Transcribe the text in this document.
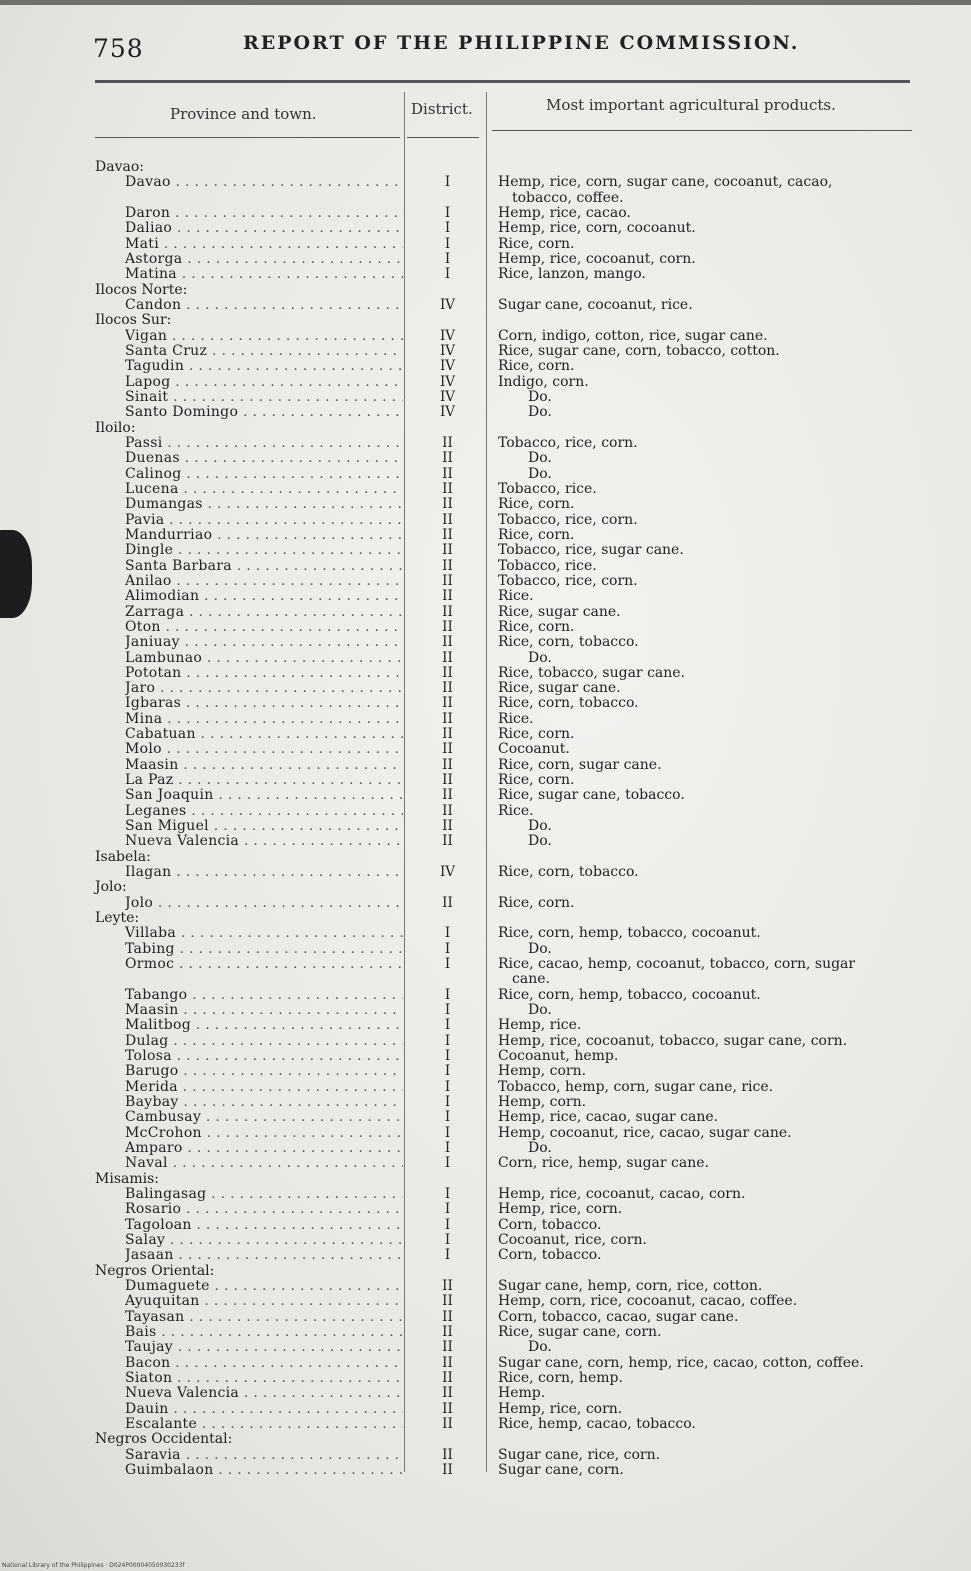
758	REPORT OF THE PHILIPPINE COMMISSION.
Province and town.	District.	Most important agricultural products.
Davao:
Davao . . .	I	Hemp, rice, corn, sugar cane, cocoanut, cacao,
tobacco, coffee.
Daron . . .	I	Hemp, rice, cacao.
Daliao . . .	I	Hemp, rice, corn, cocoanut.
Mati . . .	I	Rice, corn.
Astorga . . .	I	Hemp, rice, cocoanut, corn.
Matina . . .	I	Rice, lanzon, mango.
Ilocos Norte:
Candon . . .	IV	Sugar cane, cocoanut, rice.
Ilocos Sur:
Vigan . . .	IV	Corn, indigo, cotton, rice, sugar cane.
Santa Cruz . . .	IV	Rice, sugar cane, corn, tobacco, cotton.
Tagudin . . .	IV	Rice, corn.
Lapog . . .	IV	Indigo, corn.
Sinait . . .	IV	Do.
Santo Domingo . . .	IV	Do.
Iloilo:
Passi . . .	II	Tobacco, rice, corn.
Duenas . . .	II	Do.
Calinog . . .	II	Do.
Lucena . . .	II	Tobacco, rice.
Dumangas . . .	II	Rice, corn.
Pavia . . .	II	Tobacco, rice, corn.
Mandurriao . . .	II	Rice, corn.
Dingle . . .	II	Tobacco, rice, sugar cane.
Santa Barbara . . .	II	Tobacco, rice.
Anilao . . .	II	Tobacco, rice, corn.
Alimodian . . .	II	Rice.
Zarraga . . .	II	Rice, sugar cane.
Oton . . .	II	Rice, corn.
Janiuay . . .	II	Rice, corn, tobacco.
Lambunao . . .	II	Do.
Pototan . . .	II	Rice, tobacco, sugar cane.
Jaro . . .	II	Rice, sugar cane.
Igbaras . . .	II	Rice, corn, tobacco.
Mina . . .	II	Rice.
Cabatuan . . .	II	Rice, corn.
Molo . . .	II	Cocoanut.
Maasin . . .	II	Rice, corn, sugar cane.
La Paz . . .	II	Rice, corn.
San Joaquin . . .	II	Rice, sugar cane, tobacco.
Leganes . . .	II	Rice.
San Miguel . . .	II	Do.
Nueva Valencia . . .	II	Do.
Isabela:
Ilagan . . .	IV	Rice, corn, tobacco.
Jolo:
Jolo . . .	II	Rice, corn.
Leyte:
Villaba . . .	I	Rice, corn, hemp, tobacco, cocoanut.
Tabing . . .	I	Do.
Ormoc . . .	I	Rice, cacao, hemp, cocoanut, tobacco, corn, sugar
cane.
Tabango . . .	I	Rice, corn, hemp, tobacco, cocoanut.
Maasin . . .	I	Do.
Malitbog . . .	I	Hemp, rice.
Dulag . . .	I	Hemp, rice, cocoanut, tobacco, sugar cane, corn.
Tolosa . . .	I	Cocoanut, hemp.
Barugo . . .	I	Hemp, corn.
Merida . . .	I	Tobacco, hemp, corn, sugar cane, rice.
Baybay . . .	I	Hemp, corn.
Cambusay . . .	I	Hemp, rice, cacao, sugar cane.
McCrohon . . .	I	Hemp, cocoanut, rice, cacao, sugar cane.
Amparo . . .	I	Do.
Naval . . .	I	Corn, rice, hemp, sugar cane.
Misamis:
Balingasag . . .	I	Hemp, rice, cocoanut, cacao, corn.
Rosario . . .	I	Hemp, rice, corn.
Tagoloan . . .	I	Corn, tobacco.
Salay . . .	I	Cocoanut, rice, corn.
Jasaan . . .	I	Corn, tobacco.
Negros Oriental:
Dumaguete . . .	II	Sugar cane, hemp, corn, rice, cotton.
Ayuquitan . . .	II	Hemp, corn, rice, cocoanut, cacao, coffee.
Tayasan . . .	II	Corn, tobacco, cacao, sugar cane.
Bais . . .	II	Rice, sugar cane, corn.
Taujay . . .	II	Do.
Bacon . . .	II	Sugar cane, corn, hemp, rice, cacao, cotton, coffee.
Siaton . . .	II	Rice, corn, hemp.
Nueva Valencia . . .	II	Hemp.
Dauin . . .	II	Hemp, rice, corn.
Escalante . . .	II	Rice, hemp, cacao, tobacco.
Negros Occidental:
Saravia . . .	II	Sugar cane, rice, corn.
Guimbalaon . . .	II	Sugar cane, corn.
National Library of the Philippines · D024P00004050030233f
